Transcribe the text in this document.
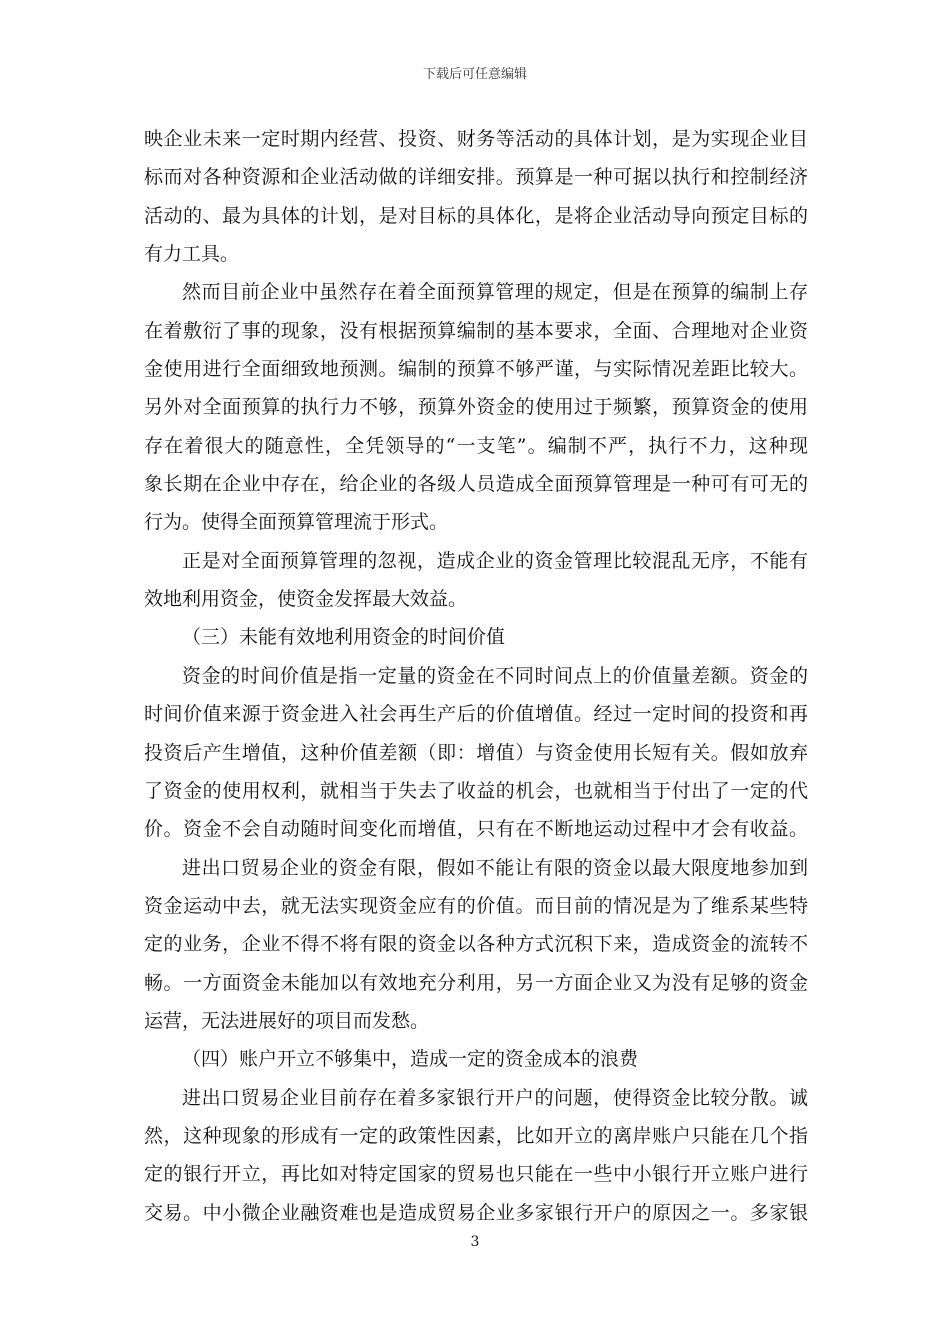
下载后可任意编辑
映企业未来一定时期内经营、投资、财务等活动的具体计划，是为实现企业目
标而对各种资源和企业活动做的详细安排。预算是一种可据以执行和控制经济
活动的、最为具体的计划，是对目标的具体化，是将企业活动导向预定目标的
有力工具。
然而目前企业中虽然存在着全面预算管理的规定，但是在预算的编制上存
在着敷衍了事的现象，没有根据预算编制的基本要求，全面、合理地对企业资
金使用进行全面细致地预测。编制的预算不够严谨，与实际情况差距比较大。
另外对全面预算的执行力不够，预算外资金的使用过于频繁，预算资金的使用
存在着很大的随意性，全凭领导的“一支笔”。编制不严，执行不力，这种现
象长期在企业中存在，给企业的各级人员造成全面预算管理是一种可有可无的
行为。使得全面预算管理流于形式。
正是对全面预算管理的忽视，造成企业的资金管理比较混乱无序，不能有
效地利用资金，使资金发挥最大效益。
（三）未能有效地利用资金的时间价值
资金的时间价值是指一定量的资金在不同时间点上的价值量差额。资金的
时间价值来源于资金进入社会再生产后的价值增值。经过一定时间的投资和再
投资后产生增值，这种价值差额（即：增值）与资金使用长短有关。假如放弃
了资金的使用权利，就相当于失去了收益的机会，也就相当于付出了一定的代
价。资金不会自动随时间变化而增值，只有在不断地运动过程中才会有收益。
进出口贸易企业的资金有限，假如不能让有限的资金以最大限度地参加到
资金运动中去，就无法实现资金应有的价值。而目前的情况是为了维系某些特
定的业务，企业不得不将有限的资金以各种方式沉积下来，造成资金的流转不
畅。一方面资金未能加以有效地充分利用，另一方面企业又为没有足够的资金
运营，无法进展好的项目而发愁。
（四）账户开立不够集中，造成一定的资金成本的浪费
进出口贸易企业目前存在着多家银行开户的问题，使得资金比较分散。诚
然，这种现象的形成有一定的政策性因素，比如开立的离岸账户只能在几个指
定的银行开立，再比如对特定国家的贸易也只能在一些中小银行开立账户进行
交易。中小微企业融资难也是造成贸易企业多家银行开户的原因之一。多家银
3
